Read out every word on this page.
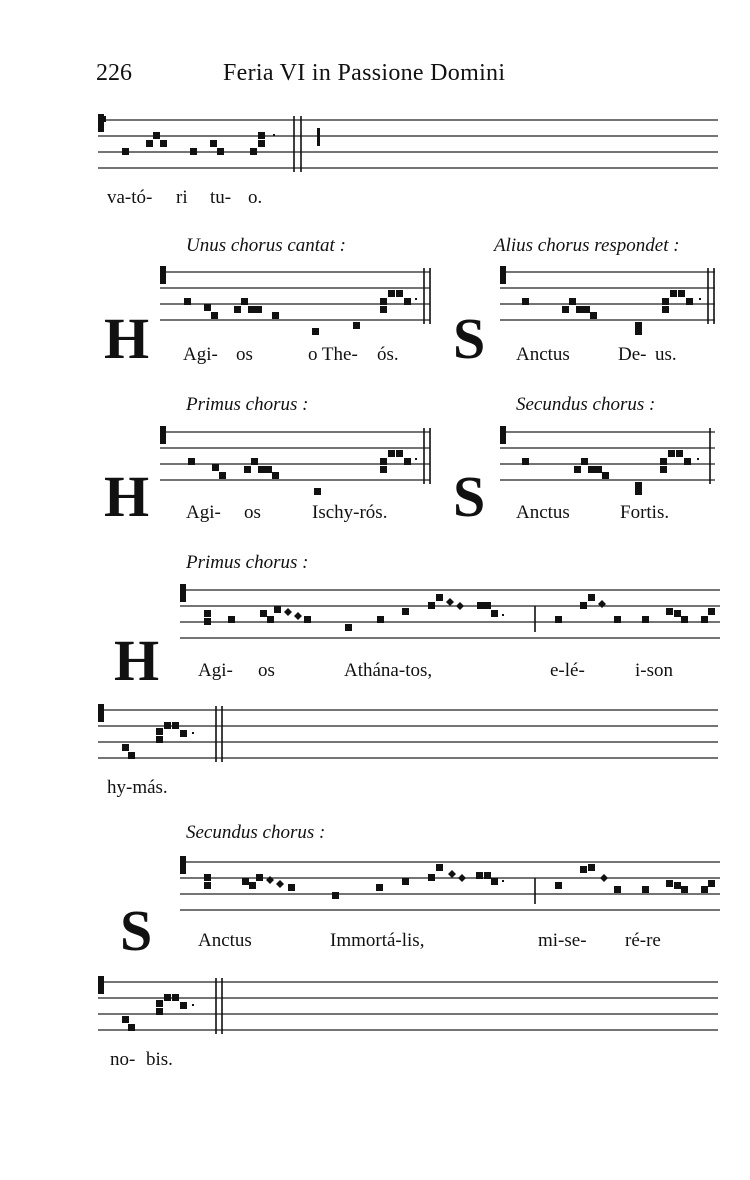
226	Feria VI in Passione Domini
va-tó- ri tu- o.
Unus chorus cantat :
H Agi- os	o The- ós.
Alius chorus respondet :
S Anctus	De- us.
Primus chorus :
H Agi- os	Ischy-rós.
Secundus chorus :
S Anctus	Fortis.
Primus chorus :
H Agi- os	Athána-tos,	e-lé-	i-son
hy-más.
Secundus chorus :
S Anctus	Immortá-lis,	mi-se- ré-re
no- bis.
